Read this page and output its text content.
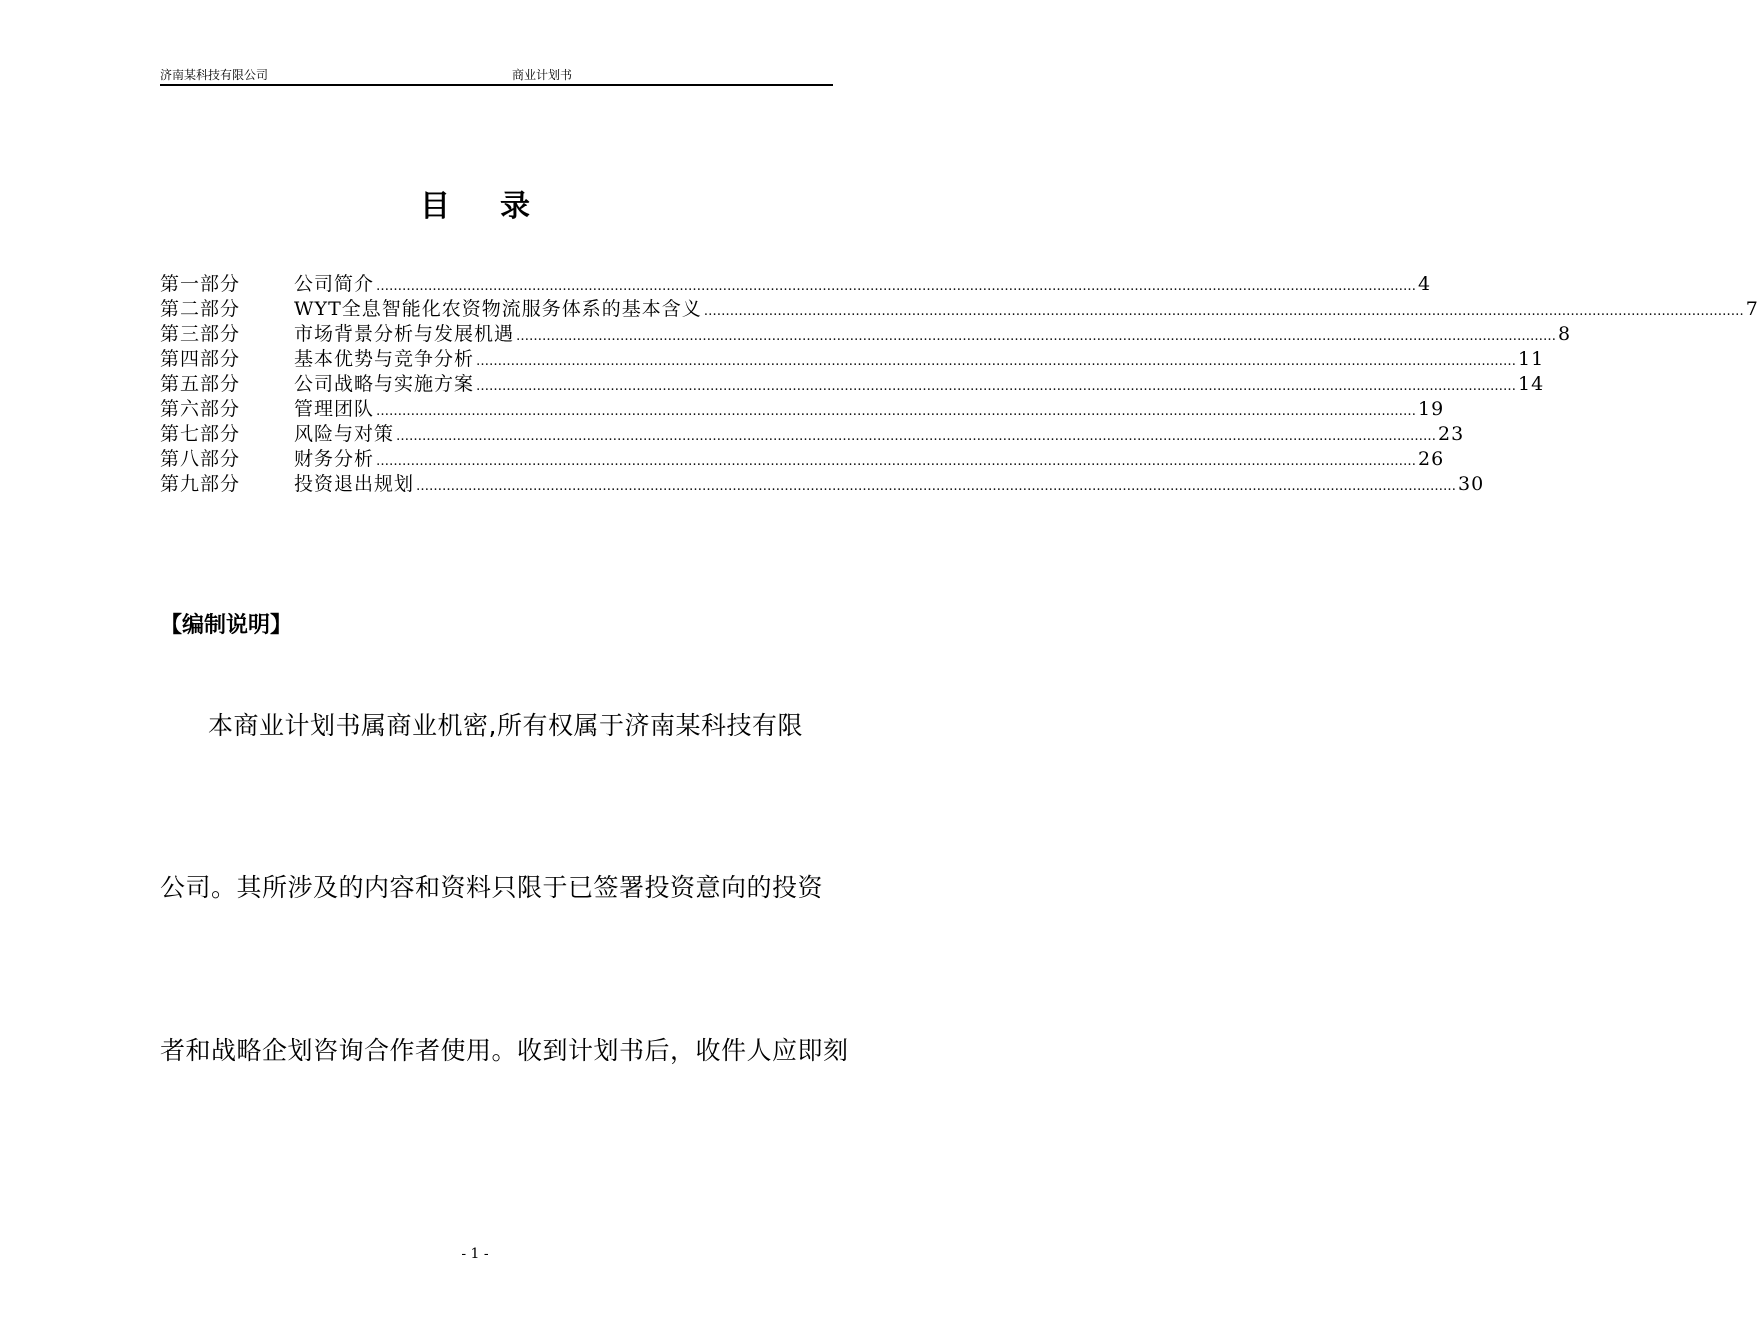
济南某科技有限公司	商业计划书
目录
第一部分	公司简介 …………………………………………………………………………………………………………………………………………………………………………………………………………………… 4
第二部分	WYT全息智能化农资物流服务体系的基本含义 …………………………………………………………………………………………………………………………………………………………………………………………………………………… 7
第三部分	市场背景分析与发展机遇 …………………………………………………………………………………………………………………………………………………………………………………………………………………… 8
第四部分	基本优势与竞争分析 …………………………………………………………………………………………………………………………………………………………………………………………………………………… 11
第五部分	公司战略与实施方案 …………………………………………………………………………………………………………………………………………………………………………………………………………………… 14
第六部分	管理团队 …………………………………………………………………………………………………………………………………………………………………………………………………………………… 19
第七部分	风险与对策 …………………………………………………………………………………………………………………………………………………………………………………………………………………… 23
第八部分	财务分析 …………………………………………………………………………………………………………………………………………………………………………………………………………………… 26
第九部分	投资退出规划 …………………………………………………………………………………………………………………………………………………………………………………………………………………… 30
【编制说明】
本商业计划书属商业机密,所有权属于济南某科技有限
公司。其所涉及的内容和资料只限于已签署投资意向的投资
者和战略企划咨询合作者使用。收到计划书后，收件人应即刻
- 1 -
